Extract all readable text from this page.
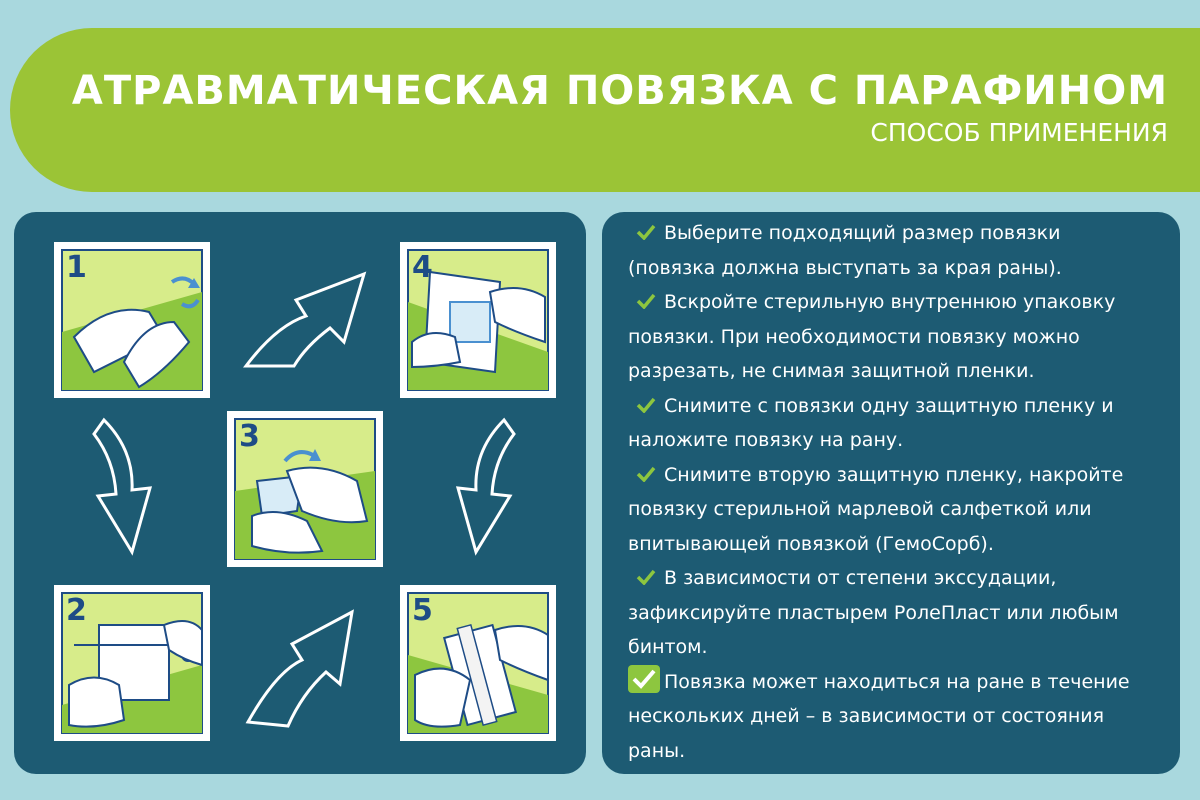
АТРАВМАТИЧЕСКАЯ ПОВЯЗКА С ПАРАФИНОМ
СПОСОБ ПРИМЕНЕНИЯ
1	4
3
2	5
Выберите подходящий размер повязки
(повязка должна выступать за края раны).
Вскройте стерильную внутреннюю упаковку
повязки. При необходимости повязку можно
разрезать, не снимая защитной пленки.
Снимите с повязки одну защитную пленку и
наложите повязку на рану.
Снимите вторую защитную пленку, накройте
повязку стерильной марлевой салфеткой или
впитывающей повязкой (ГемоСорб).
В зависимости от степени экссудации,
зафиксируйте пластырем РолеПласт или любым
бинтом.
Повязка может находиться на ране в течение
нескольких дней – в зависимости от состояния
раны.
